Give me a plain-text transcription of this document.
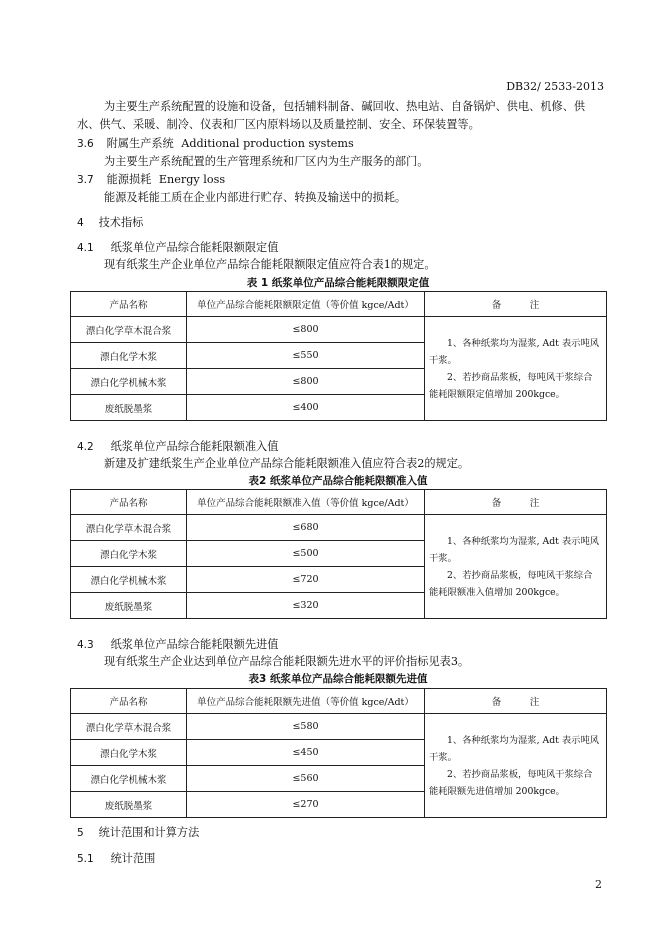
DB32/ 2533-2013
为主要生产系统配置的设施和设备，包括辅料制备、碱回收、热电站、自备锅炉、供电、机修、供
水、供气、采暖、制冷、仪表和厂区内原料场以及质量控制、安全、环保装置等。
3.6 附属生产系统 Additional production systems
为主要生产系统配置的生产管理系统和厂区内为生产服务的部门。
3.7 能源损耗 Energy loss
能源及耗能工质在企业内部进行贮存、转换及输送中的损耗。
4 技术指标
4.1 纸浆单位产品综合能耗限额限定值
现有纸浆生产企业单位产品综合能耗限额限定值应符合表1的规定。
表 1 纸浆单位产品综合能耗限额限定值
产品名称	单位产品综合能耗限额限定值（等价值 kgce/Adt）	备　　　注
漂白化学草木混合浆	≤800	1、各种纸浆均为湿浆, Adt 表示吨风干浆。
2、若抄商品浆板，每吨风干浆综合能耗限额限定值增加 200kgce。

漂白化学木浆	≤550	
漂白化学机械木浆	≤800	
废纸脱墨浆	≤400	
4.2 纸浆单位产品综合能耗限额准入值
新建及扩建纸浆生产企业单位产品综合能耗限额准入值应符合表2的规定。
表2 纸浆单位产品综合能耗限额准入值
产品名称	单位产品综合能耗限额准入值（等价值 kgce/Adt）	备　　　注
漂白化学草木混合浆	≤680	1、各种纸浆均为湿浆, Adt 表示吨风干浆。
2、若抄商品浆板，每吨风干浆综合能耗限额准入值增加 200kgce。

漂白化学木浆	≤500	
漂白化学机械木浆	≤720	
废纸脱墨浆	≤320	
4.3 纸浆单位产品综合能耗限额先进值
现有纸浆生产企业达到单位产品综合能耗限额先进水平的评价指标见表3。
表3 纸浆单位产品综合能耗限额先进值
产品名称	单位产品综合能耗限额先进值（等价值 kgce/Adt）	备　　　注
漂白化学草木混合浆	≤580	1、各种纸浆均为湿浆, Adt 表示吨风干浆。
2、若抄商品浆板，每吨风干浆综合能耗限额先进值增加 200kgce。

漂白化学木浆	≤450	
漂白化学机械木浆	≤560	
废纸脱墨浆	≤270	
5 统计范围和计算方法
5.1 统计范围
2
